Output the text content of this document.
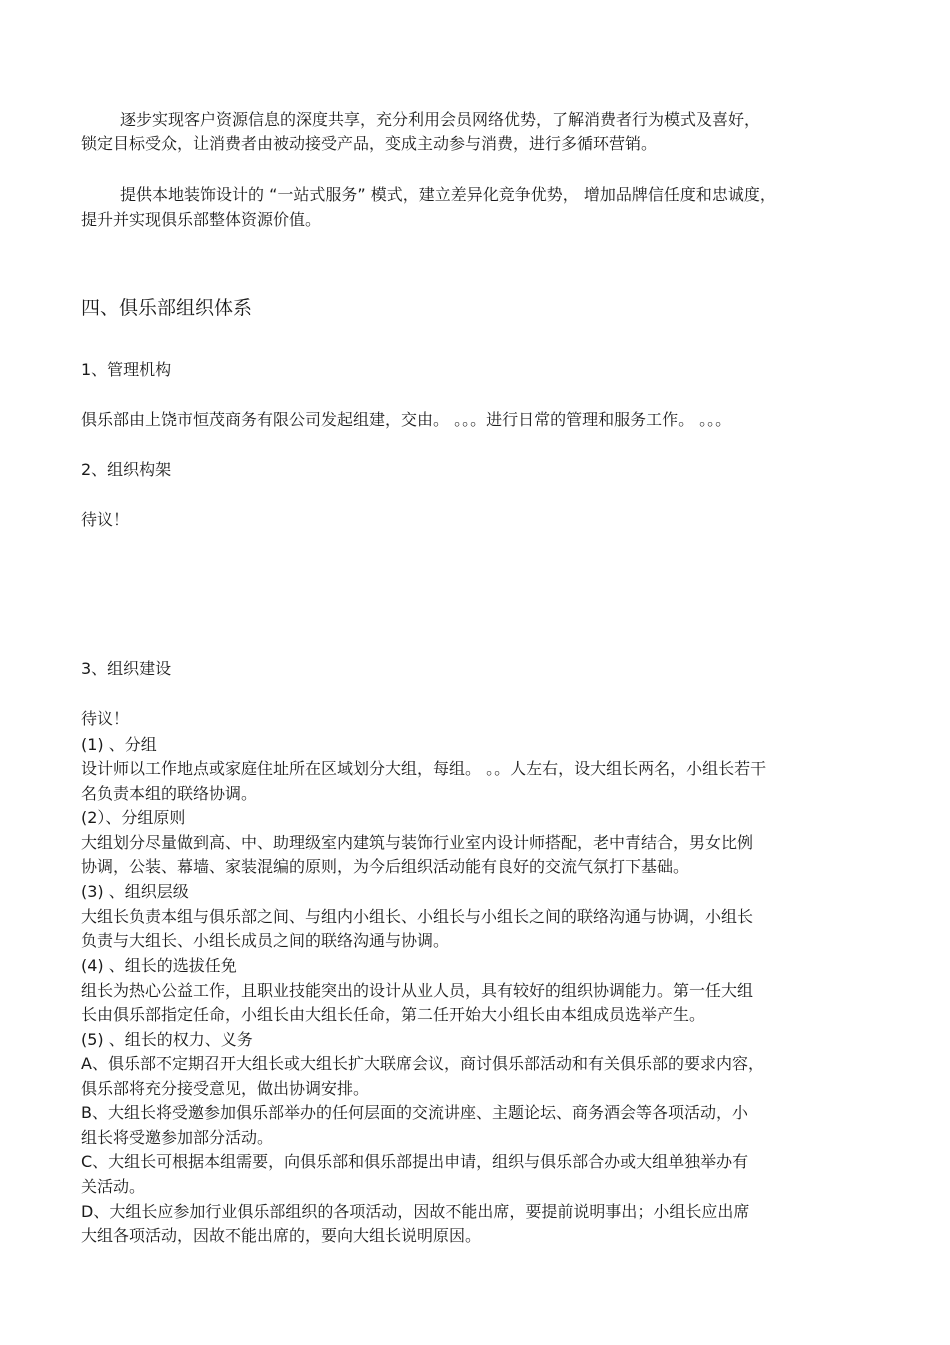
逐步实现客户资源信息的深度共享，充分利用会员网络优势，了解消费者行为模式及喜好，
锁定目标受众，让消费者由被动接受产品，变成主动参与消费，进行多循环营销。
提供本地装饰设计的 “一站式服务” 模式，建立差异化竞争优势， 增加品牌信任度和忠诚度，
提升并实现俱乐部整体资源价值。
四、俱乐部组织体系
1、管理机构
俱乐部由上饶市恒茂商务有限公司发起组建，交由。 。。。进行日常的管理和服务工作。 。。。
2、组织构架
待议！
3、组织建设
待议！
(1) 、分组
设计师以工作地点或家庭住址所在区域划分大组，每组。 。。人左右，设大组长两名，小组长若干
名负责本组的联络协调。
(2）、分组原则
大组划分尽量做到高、中、助理级室内建筑与装饰行业室内设计师搭配，老中青结合，男女比例
协调，公装、幕墙、家装混编的原则，为今后组织活动能有良好的交流气氛打下基础。
(3) 、组织层级
大组长负责本组与俱乐部之间、与组内小组长、小组长与小组长之间的联络沟通与协调，小组长
负责与大组长、小组长成员之间的联络沟通与协调。
(4) 、组长的选拔任免
组长为热心公益工作，且职业技能突出的设计从业人员，具有较好的组织协调能力。第一任大组
长由俱乐部指定任命，小组长由大组长任命，第二任开始大小组长由本组成员选举产生。
(5) 、组长的权力、义务
A、俱乐部不定期召开大组长或大组长扩大联席会议，商讨俱乐部活动和有关俱乐部的要求内容，
俱乐部将充分接受意见，做出协调安排。
B、大组长将受邀参加俱乐部举办的任何层面的交流讲座、主题论坛、商务酒会等各项活动，小
组长将受邀参加部分活动。
C、大组长可根据本组需要，向俱乐部和俱乐部提出申请，组织与俱乐部合办或大组单独举办有
关活动。
D、大组长应参加行业俱乐部组织的各项活动，因故不能出席，要提前说明事出；小组长应出席
大组各项活动，因故不能出席的，要向大组长说明原因。
